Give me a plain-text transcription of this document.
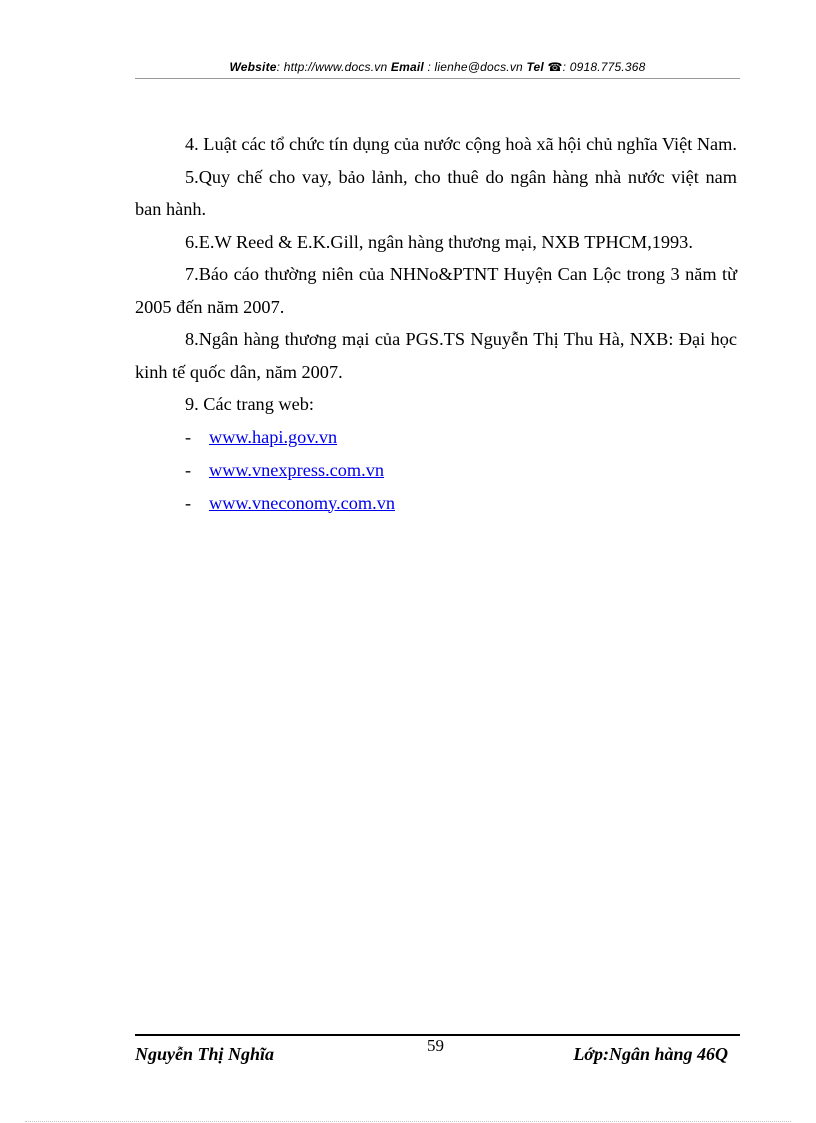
Website: http://www.docs.vn Email : lienhe@docs.vn Tel ☎: 0918.775.368

4. Luật các tổ chức tín dụng của nước cộng hoà xã hội chủ nghĩa Việt Nam.

5.Quy chế cho vay, bảo lảnh, cho thuê do ngân hàng nhà nước việt nam ban hành.

6.E.W Reed & E.K.Gill, ngân hàng thương mại, NXB TPHCM,1993.

7.Báo cáo thường niên của NHNo&PTNT Huyện Can Lộc trong 3 năm từ 2005 đến năm 2007.

8.Ngân hàng thương mại của PGS.TS Nguyễn Thị Thu Hà, NXB: Đại học kinh tế quốc dân, năm 2007.

9. Các trang web:

- www.hapi.gov.vn
- www.vnexpress.com.vn
- www.vneconomy.com.vn
Nguyễn Thị Nghĩa	59	Lớp:Ngân hàng 46Q
